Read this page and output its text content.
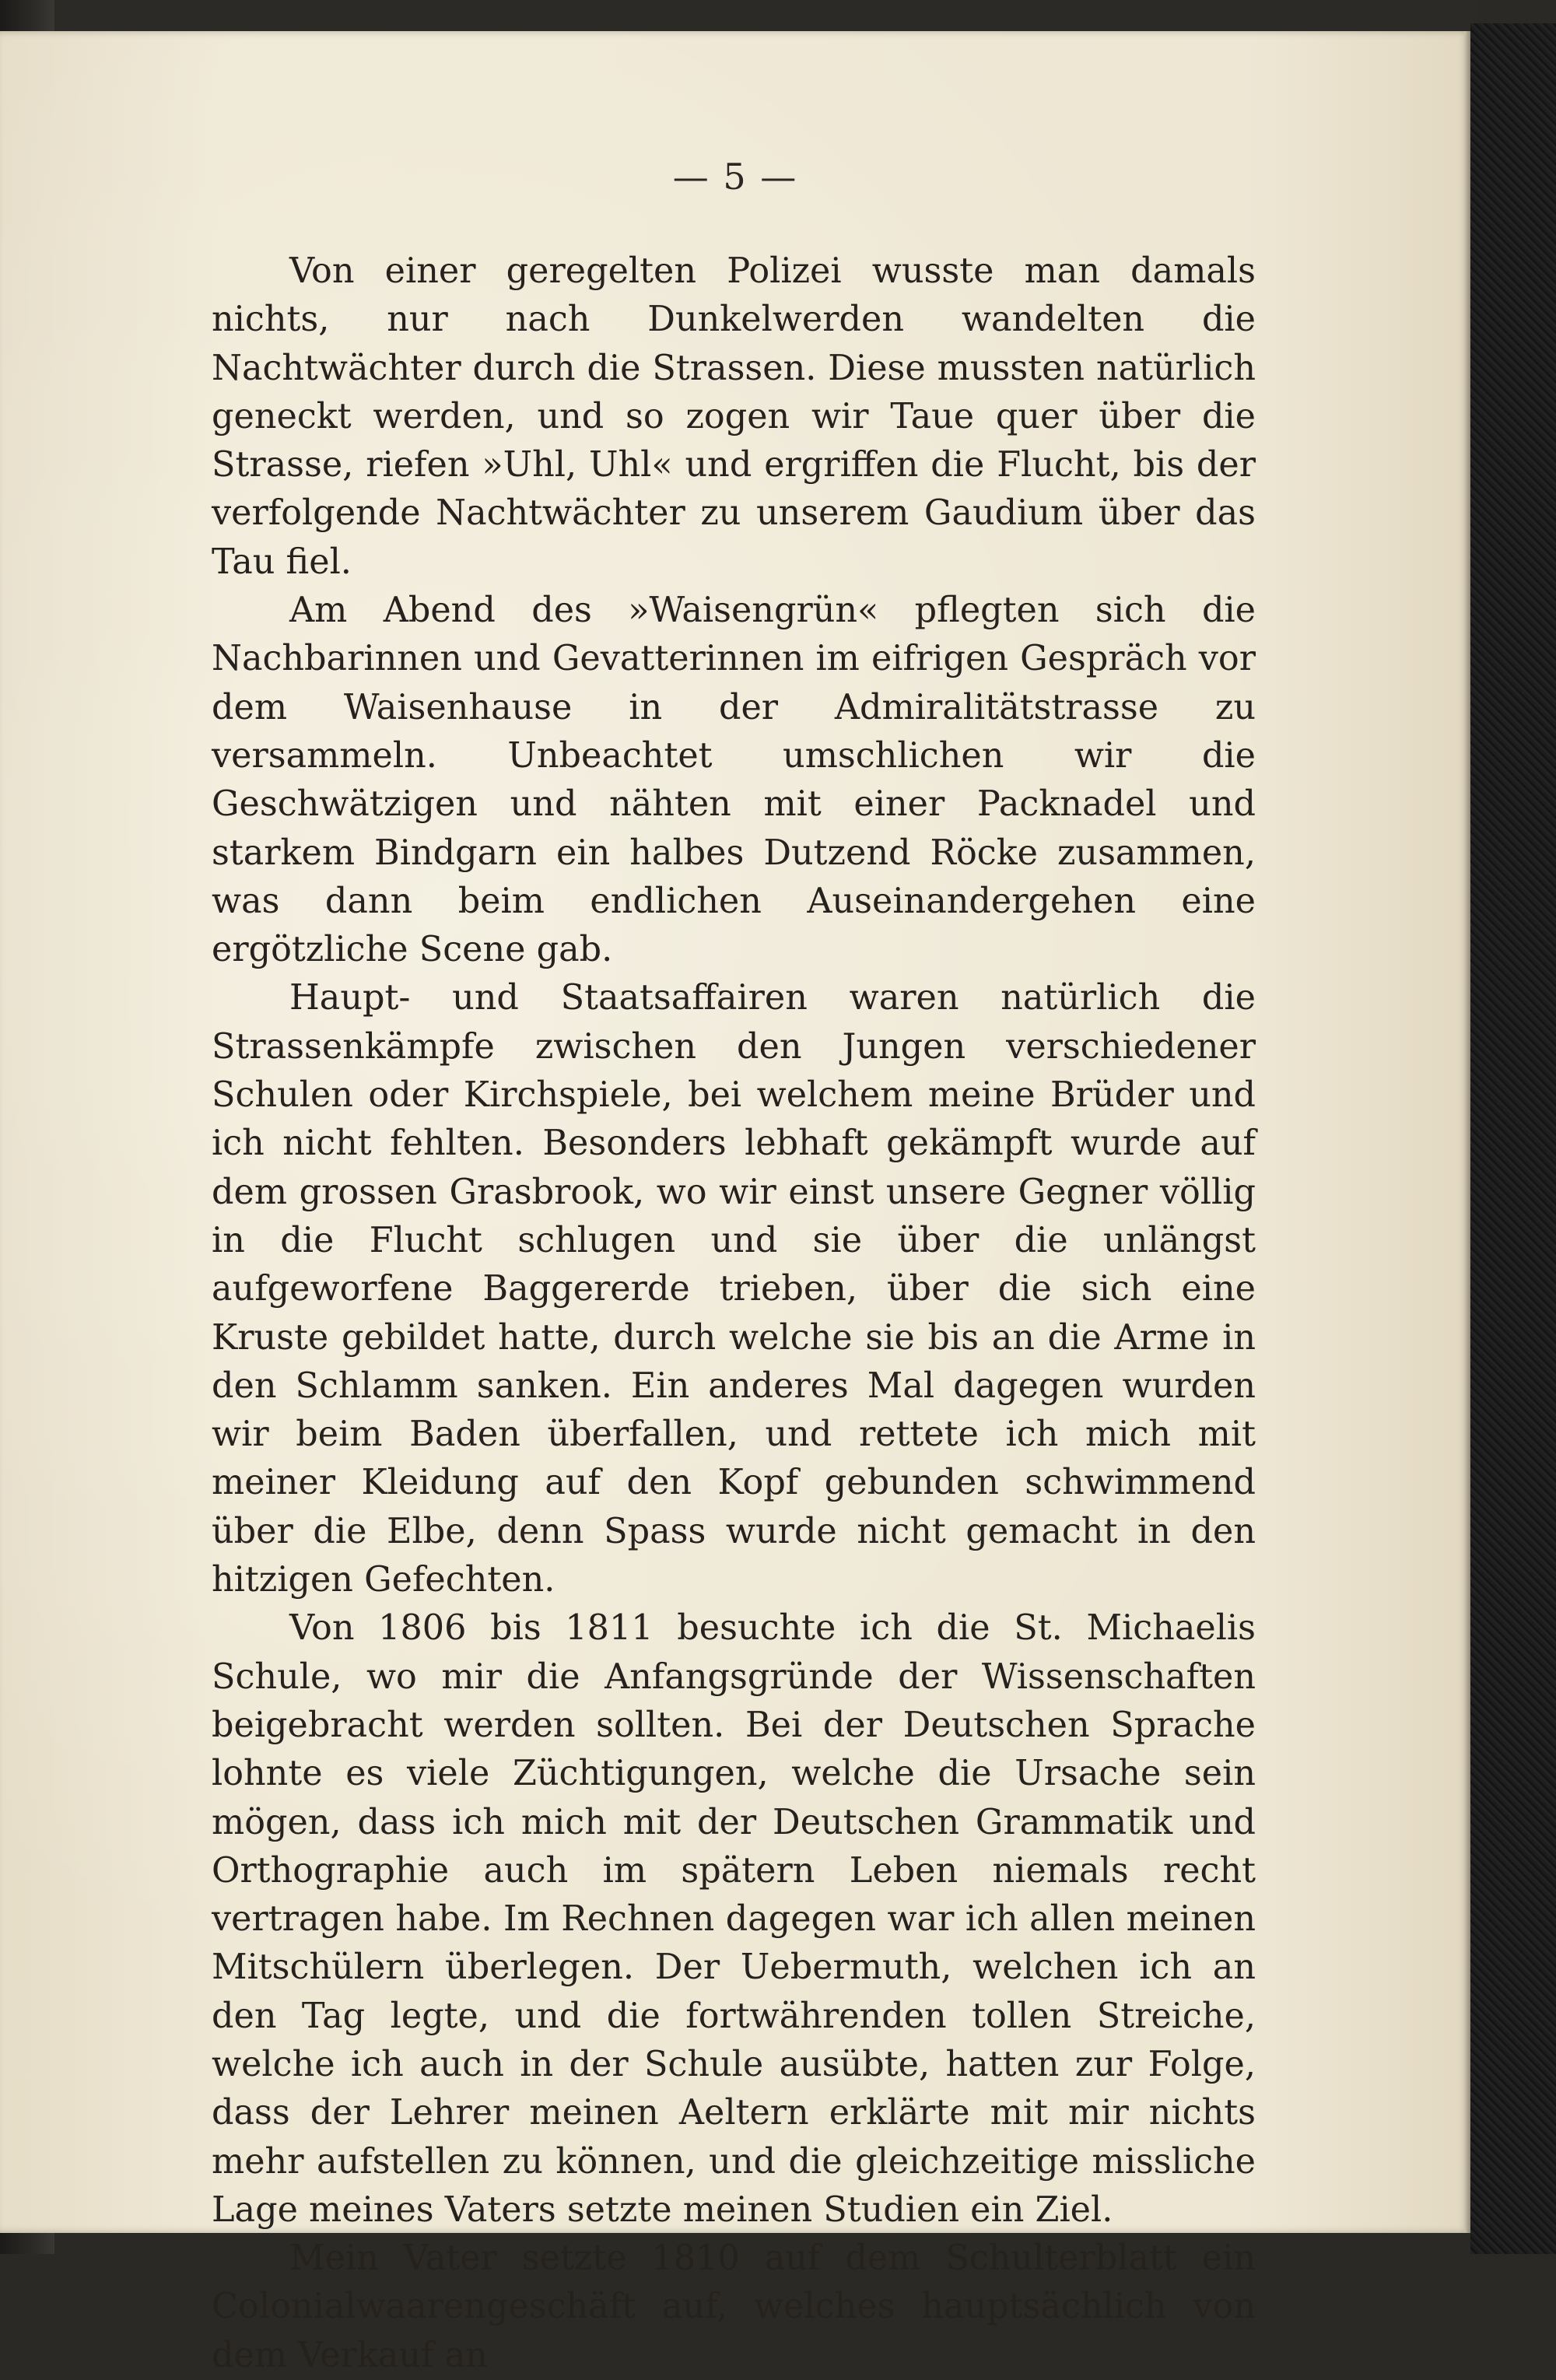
— 5 —

Von einer geregelten Polizei wusste man damals nichts, nur nach Dunkelwerden wandelten die Nachtwächter durch die Strassen. Diese mussten natürlich geneckt werden, und so zogen wir Taue quer über die Strasse, riefen »Uhl, Uhl« und ergriffen die Flucht, bis der verfolgende Nachtwächter zu unserem Gaudium über das Tau fiel.

Am Abend des »Waisengrün« pflegten sich die Nachbarinnen und Gevatterinnen im eifrigen Gespräch vor dem Waisenhause in der Admiralitätstrasse zu versammeln. Unbeachtet umschlichen wir die Geschwätzigen und nähten mit einer Packnadel und starkem Bindgarn ein halbes Dutzend Röcke zusammen, was dann beim endlichen Auseinandergehen eine ergötzliche Scene gab.

Haupt- und Staatsaffairen waren natürlich die Strassenkämpfe zwischen den Jungen verschiedener Schulen oder Kirchspiele, bei welchem meine Brüder und ich nicht fehlten. Besonders lebhaft gekämpft wurde auf dem grossen Grasbrook, wo wir einst unsere Gegner völlig in die Flucht schlugen und sie über die unlängst aufgeworfene Baggererde trieben, über die sich eine Kruste gebildet hatte, durch welche sie bis an die Arme in den Schlamm sanken. Ein anderes Mal dagegen wurden wir beim Baden überfallen, und rettete ich mich mit meiner Kleidung auf den Kopf gebunden schwimmend über die Elbe, denn Spass wurde nicht gemacht in den hitzigen Gefechten.

Von 1806 bis 1811 besuchte ich die St. Michaelis Schule, wo mir die Anfangsgründe der Wissenschaften beigebracht werden sollten. Bei der Deutschen Sprache lohnte es viele Züchtigungen, welche die Ursache sein mögen, dass ich mich mit der Deutschen Grammatik und Orthographie auch im spätern Leben niemals recht vertragen habe. Im Rechnen dagegen war ich allen meinen Mitschülern überlegen. Der Uebermuth, welchen ich an den Tag legte, und die fortwährenden tollen Streiche, welche ich auch in der Schule ausübte, hatten zur Folge, dass der Lehrer meinen Aeltern erklärte mit mir nichts mehr aufstellen zu können, und die gleichzeitige missliche Lage meines Vaters setzte meinen Studien ein Ziel.

Mein Vater setzte 1810 auf dem Schulterblatt ein Colonialwaarengeschäft auf, welches hauptsächlich von dem Verkauf an
